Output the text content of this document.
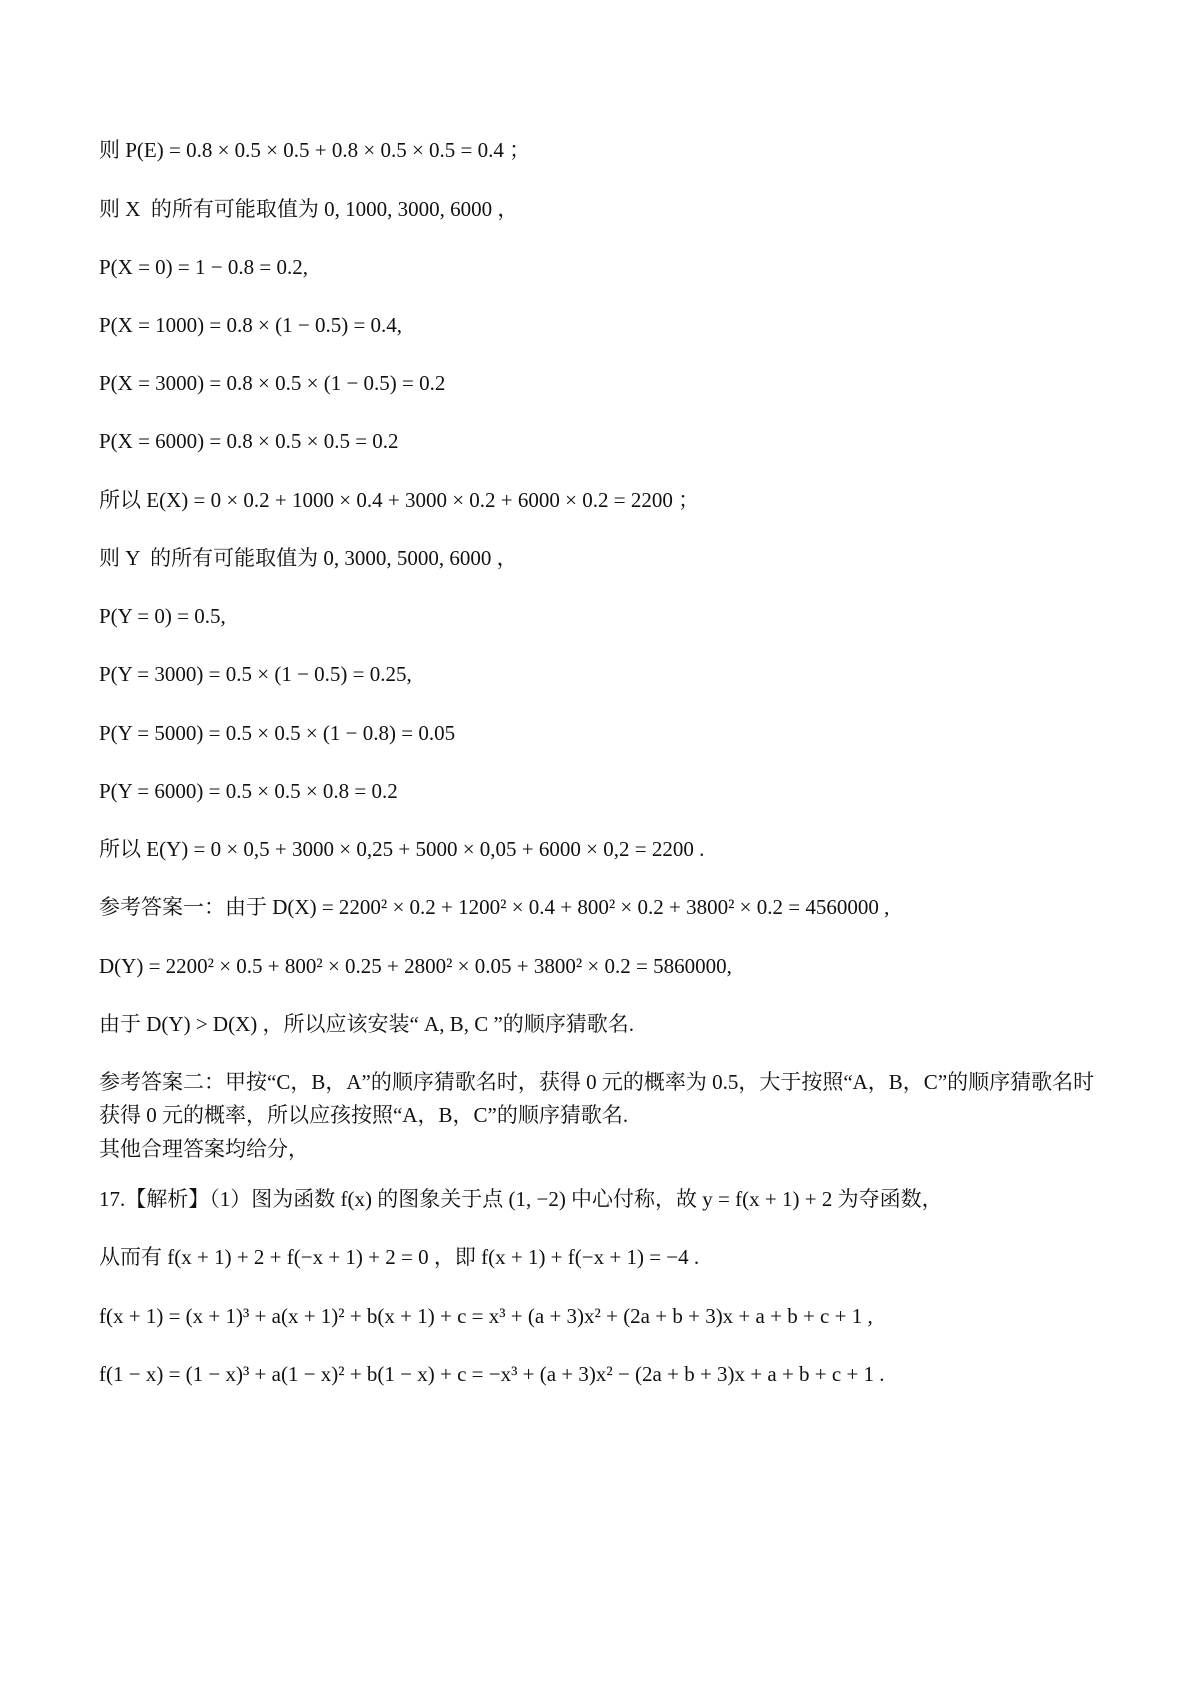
则 P(E) = 0.8 × 0.5 × 0.5 + 0.8 × 0.5 × 0.5 = 0.4 ；
则 X  的所有可能取值为 0, 1000, 3000, 6000 ，
P(X = 0) = 1 − 0.8 = 0.2,
P(X = 1000) = 0.8 × (1 − 0.5) = 0.4,
P(X = 3000) = 0.8 × 0.5 × (1 − 0.5) = 0.2
P(X = 6000) = 0.8 × 0.5 × 0.5 = 0.2
所以 E(X) = 0 × 0.2 + 1000 × 0.4 + 3000 × 0.2 + 6000 × 0.2 = 2200 ；
则 Y  的所有可能取值为 0, 3000, 5000, 6000 ，
P(Y = 0) = 0.5,
P(Y = 3000) = 0.5 × (1 − 0.5) = 0.25,
P(Y = 5000) = 0.5 × 0.5 × (1 − 0.8) = 0.05
P(Y = 6000) = 0.5 × 0.5 × 0.8 = 0.2
所以 E(Y) = 0 × 0,5 + 3000 × 0,25 + 5000 × 0,05 + 6000 × 0,2 = 2200 .
参考答案一：由于 D(X) = 2200² × 0.2 + 1200² × 0.4 + 800² × 0.2 + 3800² × 0.2 = 4560000 ,
D(Y) = 2200² × 0.5 + 800² × 0.25 + 2800² × 0.05 + 3800² × 0.2 = 5860000,
由于 D(Y) > D(X) ，所以应该安装“ A, B, C ”的顺序猜歌名.
参考答案二：甲按“C，B，A”的顺序猜歌名时，获得 0 元的概率为 0.5，大于按照“A，B，C”的顺序猜歌名时
获得 0 元的概率，所以应孩按照“A，B，C”的顺序猜歌名.
其他合理答案均给分，
17.【解析】（1）图为函数 f(x) 的图象关于点 (1, −2) 中心付称，故 y = f(x + 1) + 2 为夺函数，
从而有 f(x + 1) + 2 + f(−x + 1) + 2 = 0 ，即 f(x + 1) + f(−x + 1) = −4 .
f(x + 1) = (x + 1)³ + a(x + 1)² + b(x + 1) + c = x³ + (a + 3)x² + (2a + b + 3)x + a + b + c + 1 ,
f(1 − x) = (1 − x)³ + a(1 − x)² + b(1 − x) + c = −x³ + (a + 3)x² − (2a + b + 3)x + a + b + c + 1 .
